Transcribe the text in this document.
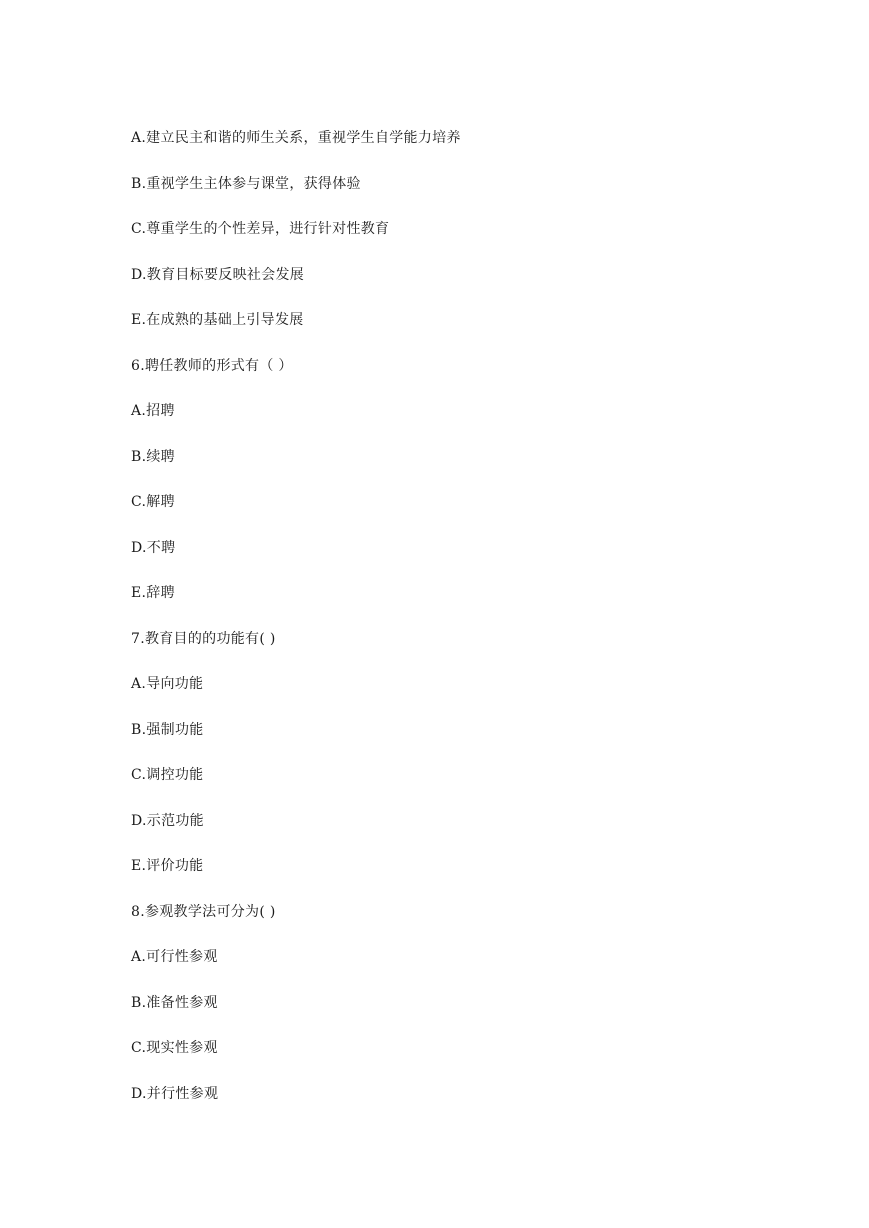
A.建立民主和谐的师生关系，重视学生自学能力培养
B.重视学生主体参与课堂，获得体验
C.尊重学生的个性差异，进行针对性教育
D.教育目标要反映社会发展
E.在成熟的基础上引导发展
6.聘任教师的形式有（ ）
A.招聘
B.续聘
C.解聘
D.不聘
E.辞聘
7.教育目的的功能有( )
A.导向功能
B.强制功能
C.调控功能
D.示范功能
E.评价功能
8.参观教学法可分为( )
A.可行性参观
B.准备性参观
C.现实性参观
D.并行性参观
